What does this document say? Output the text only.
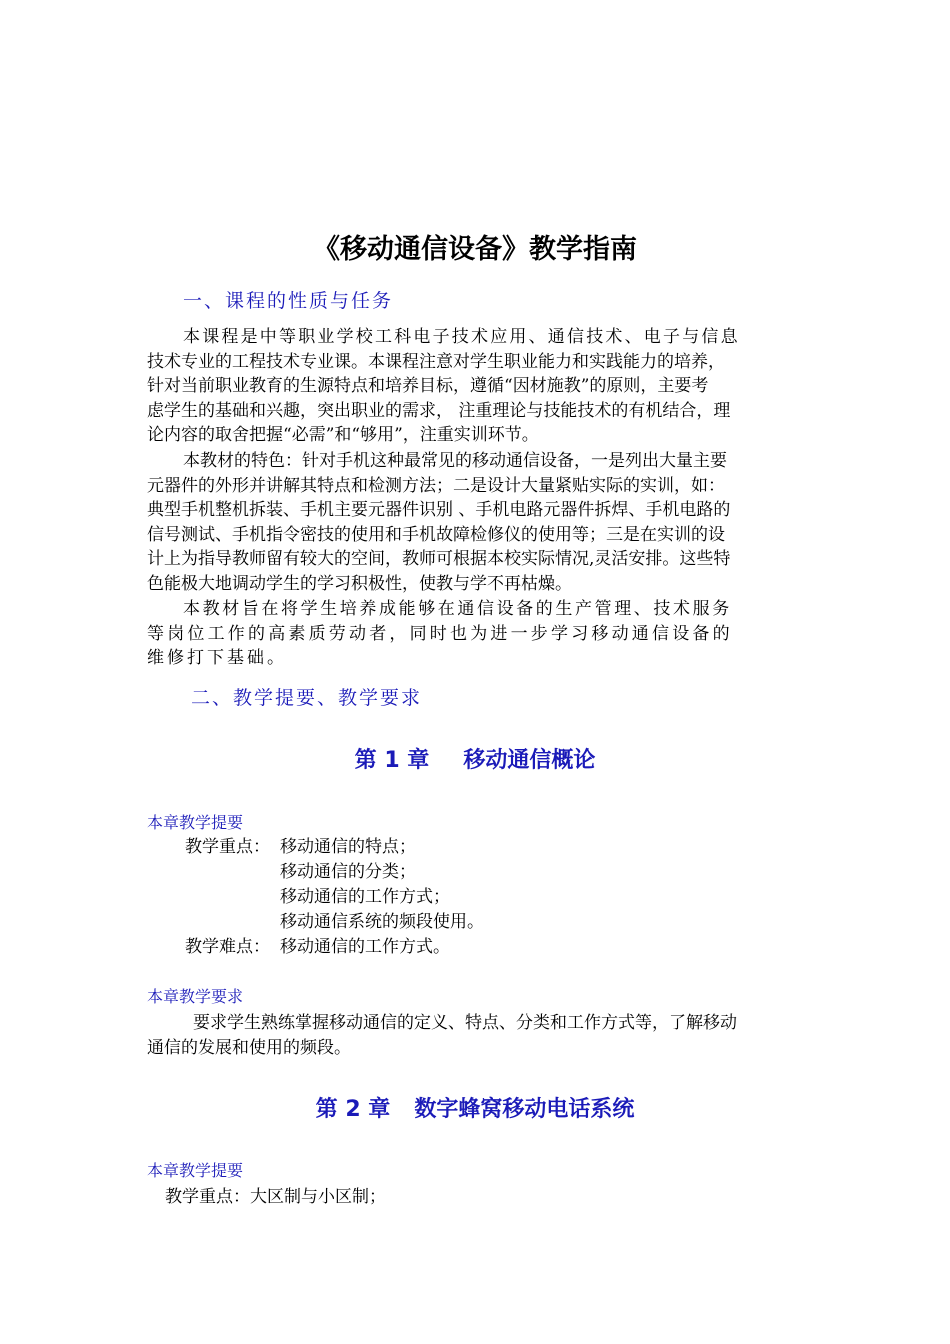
《移动通信设备》教学指南
一、课程的性质与任务
本课程是中等职业学校工科电子技术应用、通信技术、电子与信息
技术专业的工程技术专业课。本课程注意对学生职业能力和实践能力的培养，
针对当前职业教育的生源特点和培养目标，遵循“因材施教”的原则，主要考
虑学生的基础和兴趣，突出职业的需求， 注重理论与技能技术的有机结合，理
论内容的取舍把握“必需”和“够用”，注重实训环节。
本教材的特色：针对手机这种最常见的移动通信设备，一是列出大量主要
元器件的外形并讲解其特点和检测方法；二是设计大量紧贴实际的实训，如：
典型手机整机拆装、手机主要元器件识别 、手机电路元器件拆焊、手机电路的
信号测试、手机指令密技的使用和手机故障检修仪的使用等；三是在实训的设
计上为指导教师留有较大的空间，教师可根据本校实际情况,灵活安排。这些特
色能极大地调动学生的学习积极性，使教与学不再枯燥。
本教材旨在将学生培养成能够在通信设备的生产管理、技术服务
等岗位工作的高素质劳动者，同时也为进一步学习移动通信设备的
维修打下基础。
二、教学提要、教学要求
第 1 章 移动通信概论
本章教学提要
教学重点： 移动通信的特点；
移动通信的分类；
移动通信的工作方式；
移动通信系统的频段使用。
教学难点： 移动通信的工作方式。
本章教学要求
要求学生熟练掌握移动通信的定义、特点、分类和工作方式等，了解移动
通信的发展和使用的频段。
第 2 章 数字蜂窝移动电话系统
本章教学提要
教学重点：大区制与小区制；
